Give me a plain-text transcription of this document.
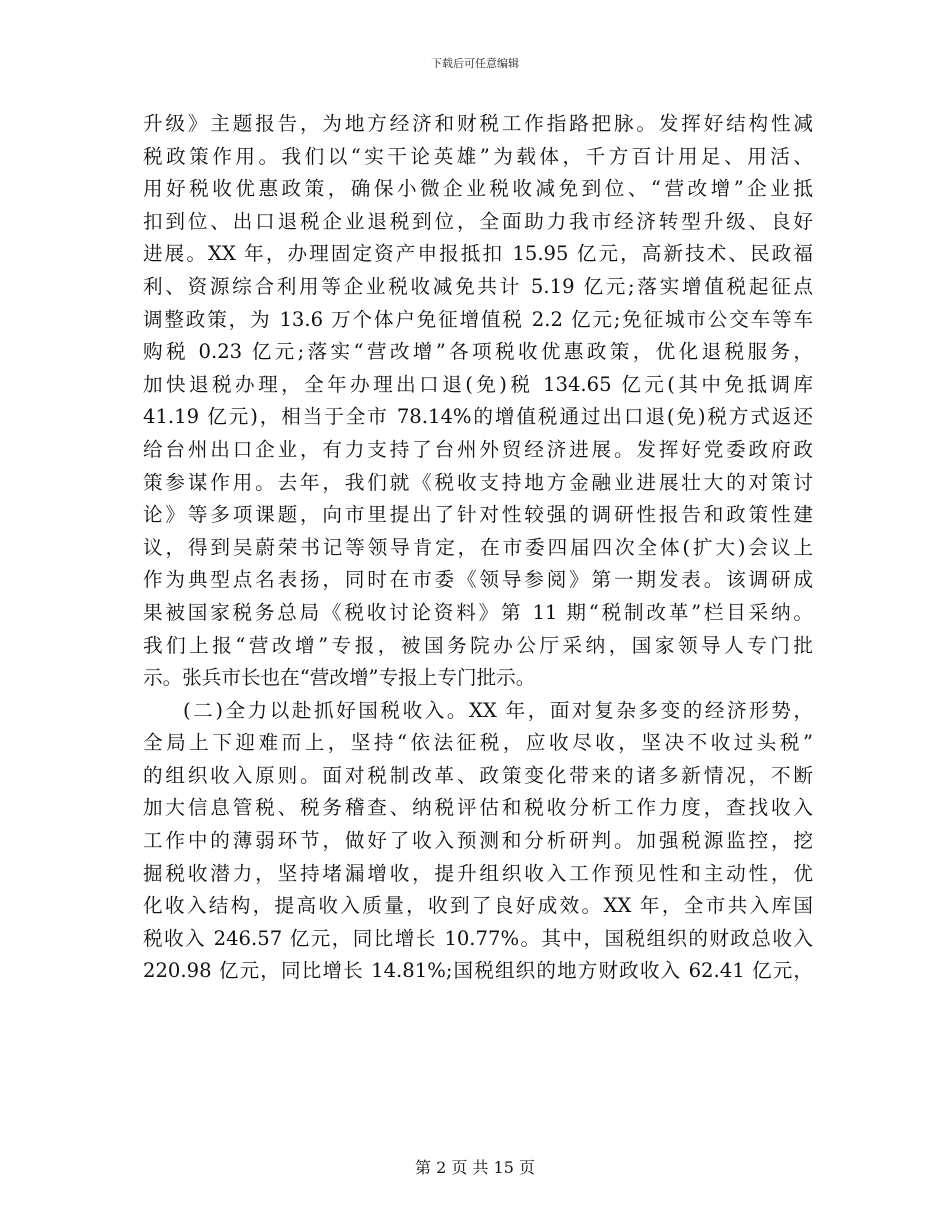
下载后可任意编辑
升级》主题报告，为地方经济和财税工作指路把脉。发挥好结构性减
税政策作用。我们以“实干论英雄”为载体，千方百计用足、用活、
用好税收优惠政策，确保小微企业税收减免到位、“营改增”企业抵
扣到位、出口退税企业退税到位，全面助力我市经济转型升级、良好
进展。XX 年，办理固定资产申报抵扣 15.95 亿元，高新技术、民政福
利、资源综合利用等企业税收减免共计 5.19 亿元;落实增值税起征点
调整政策，为 13.6 万个体户免征增值税 2.2 亿元;免征城市公交车等车
购税 0.23 亿元;落实“营改增”各项税收优惠政策，优化退税服务，
加快退税办理，全年办理出口退(免)税 134.65 亿元(其中免抵调库
41.19 亿元)，相当于全市 78.14%的增值税通过出口退(免)税方式返还
给台州出口企业，有力支持了台州外贸经济进展。发挥好党委政府政
策参谋作用。去年，我们就《税收支持地方金融业进展壮大的对策讨
论》等多项课题，向市里提出了针对性较强的调研性报告和政策性建
议，得到吴蔚荣书记等领导肯定，在市委四届四次全体(扩大)会议上
作为典型点名表扬，同时在市委《领导参阅》第一期发表。该调研成
果被国家税务总局《税收讨论资料》第 11 期“税制改革”栏目采纳。
我们上报“营改增”专报，被国务院办公厅采纳，国家领导人专门批
示。张兵市长也在“营改增”专报上专门批示。
(二)全力以赴抓好国税收入。XX 年，面对复杂多变的经济形势，
全局上下迎难而上，坚持“依法征税，应收尽收，坚决不收过头税”
的组织收入原则。面对税制改革、政策变化带来的诸多新情况，不断
加大信息管税、税务稽查、纳税评估和税收分析工作力度，查找收入
工作中的薄弱环节，做好了收入预测和分析研判。加强税源监控，挖
掘税收潜力，坚持堵漏增收，提升组织收入工作预见性和主动性，优
化收入结构，提高收入质量，收到了良好成效。XX 年，全市共入库国
税收入 246.57 亿元，同比增长 10.77%。其中，国税组织的财政总收入
220.98 亿元，同比增长 14.81%;国税组织的地方财政收入 62.41 亿元，
第 2 页 共 15 页
